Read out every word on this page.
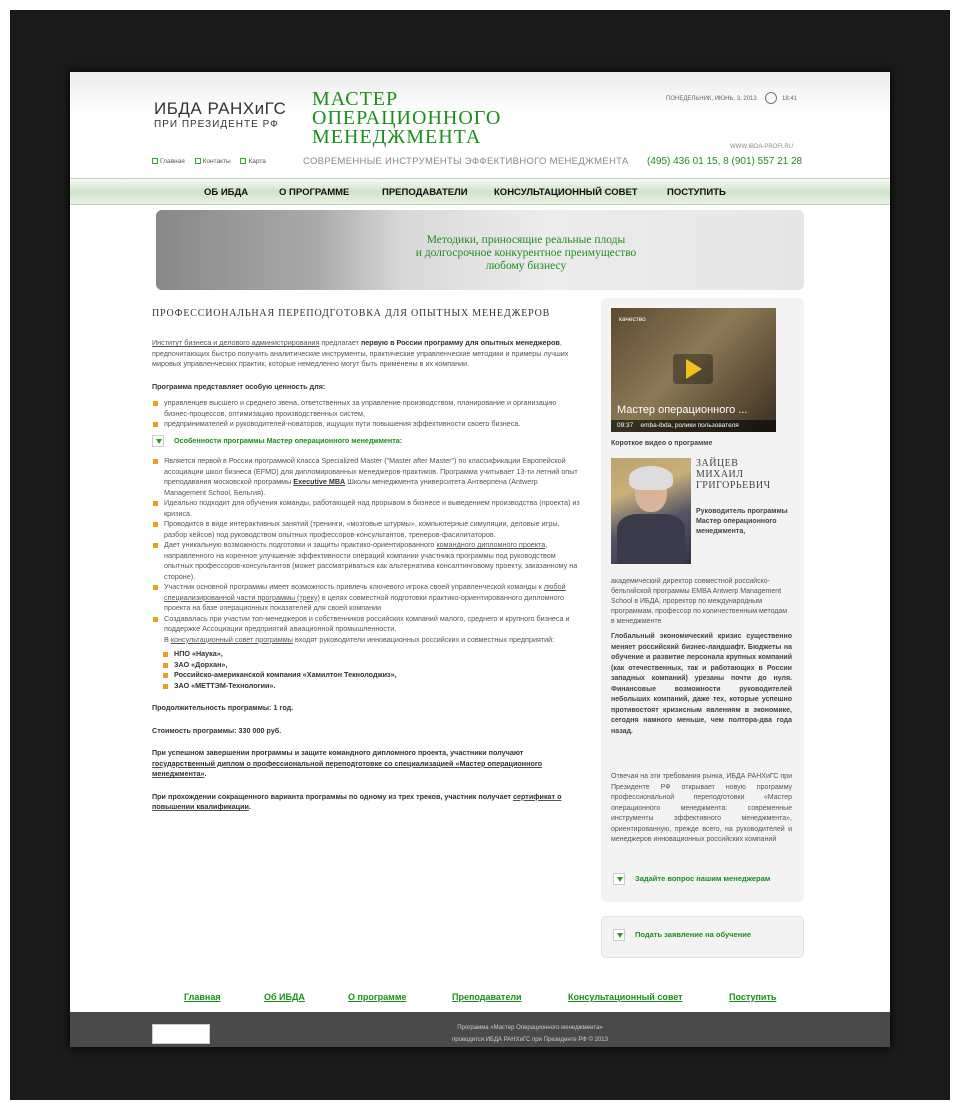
ИБДА РАНХиГС
ПРИ ПРЕЗИДЕНТЕ РФ
МАСТЕР
ОПЕРАЦИОННОГО
МЕНЕДЖМЕНТА
ПОНЕДЕЛЬНИК, ИЮНЬ, 3, 2013	18:41
WWW.IBDA-PROFI.RU
Главная	Контакты	Карта	СОВРЕМЕННЫЕ ИНСТРУМЕНТЫ ЭФФЕКТИВНОГО МЕНЕДЖМЕНТА (495) 436 01 15, 8 (901) 557 21 28
ОБ ИБДА	О ПРОГРАММЕ	ПРЕПОДАВАТЕЛИ	КОНСУЛЬТАЦИОННЫЙ СОВЕТ	ПОСТУПИТЬ
Методики, приносящие реальные плоды
и долгосрочное конкурентное преимущество
любому бизнесу
ПРОФЕССИОНАЛЬНАЯ ПЕРЕПОДГОТОВКА ДЛЯ ОПЫТНЫХ МЕНЕДЖЕРОВ

Институт бизнеса и делового администрирования предлагает первую в России программу для опытных менеджеров, предпочитающих быстро получить аналитические инструменты, практические управленческие методики и примеры лучших мировых управленческих практик, которые немедленно могут быть применены в их компании.

Программа представляет особую ценность для:
управленцев высшего и среднего звена, ответственных за управление производством, планирование и организацию бизнес-процессов, оптимизацию производственных систем,
предпринимателей и руководителей-новаторов, ищущих пути повышения эффективности своего бизнеса.
Особенности программы Мастер операционного менеджмента:
Является первой в России программой класса Specialized Master ("Master after Master") по классификации Европейской ассоциации школ бизнеса (EFMD) для дипломированных менеджеров-практиков. Программа учитывает 13-ти летний опыт преподавания московской программы Executive MBA Школы менеджмента университета Антверпена (Antwerp Management School, Бельгия).
Идеально подходит для обучения команды, работающей над прорывом в бизнесе и выведением производства (проекта) из кризиса.
Проводится в виде интерактивных занятий (тренинги, «мозговые штурмы», компьютерные симуляции, деловые игры, разбор кейсов) под руководством опытных профессоров-консультантов, тренеров-фасилитаторов.
Дает уникальную возможность подготовки и защиты практико-ориентированного командного дипломного проекта, направленного на коренное улучшение эффективности операций компании участника программы под руководством опытных профессоров-консультантов (может рассматриваться как альтернатива консалтинговому проекту, заказанному на стороне).
Участник основной программы имеет возможность привлечь ключевого игрока своей управленческой команды к любой специализированной части программы (треку) в целях совместной подготовки практико-ориентированного дипломного проекта на базе операционных показателей для своей компании
Создавалась при участии топ-менеджеров и собственников российских компаний малого, среднего и крупного бизнеса и поддержке Ассоциации предприятий авиационной промышленности.
В консультационный совет программы входят руководители инновационных российских и совместных предприятий:
НПО «Наука»,
ЗАО «Дорхан»,
Российско-американской компания «Хамилтон Текнолоджиз»,
ЗАО «МЕТТЭМ-Технологии».

Продолжительность программы: 1 год.

Стоимость программы: 330 000 руб.

При успешном завершении программы и защите командного дипломного проекта, участники получают государственный диплом о профессиональной переподготовке со специализацией «Мастер операционного менеджмента».

При прохождении сокращенного варианта программы по одному из трех треков, участник получает сертификат о повышении квалификации.

качество
Мастер операционного ...
09:37 emba-ibda, ролики пользователя
Короткое видео о программе
ЗАЙЦЕВ
МИХАИЛ
ГРИГОРЬЕВИЧ
Руководитель программы Мастер операционного менеджмента,
академический директор совместной российско-бельгийской программы EMBA Antwerp Management School в ИБДА, проректор по международным программам, профессор по количественным методам в менеджменте
Глобальный экономический кризис существенно меняет российский бизнес-ландшафт. Бюджеты на обучение и развитие персонала крупных компаний (как отечественных, так и работающих в России западных компаний) урезаны почти до нуля. Финансовые возможности руководителей небольших компаний, даже тех, которые успешно противостоят кризисным явлениям в экономике, сегодня намного меньше, чем полтора-два года назад.
Отвечая на эти требования рынка, ИБДА РАНХиГС при Президенте РФ открывает новую программу профессиональной переподготовки «Мастер операционного менеджмента: современные инструменты эффективного менеджмента», ориентированную, прежде всего, на руководителей и менеджеров инновационных российских компаний
Задайте вопрос нашим менеджерам
Подать заявление на обучение
Главная	Об ИБДА	О программе	Преподаватели	Консультационный совет	Поступить
Программа «Мастер Операционного менеджмента»
проводится ИБДА РАНХиГС при Президенте РФ © 2013
